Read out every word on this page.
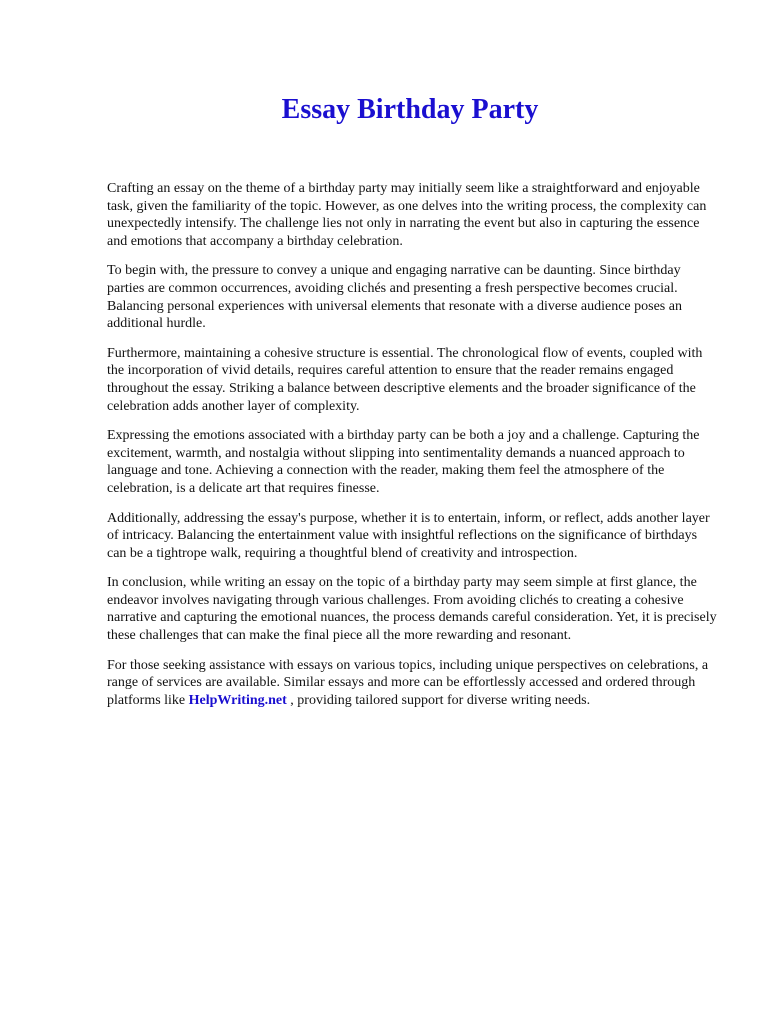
Essay Birthday Party

Crafting an essay on the theme of a birthday party may initially seem like a straightforward and enjoyable task, given the familiarity of the topic. However, as one delves into the writing process, the complexity can unexpectedly intensify. The challenge lies not only in narrating the event but also in capturing the essence and emotions that accompany a birthday celebration.

To begin with, the pressure to convey a unique and engaging narrative can be daunting. Since birthday parties are common occurrences, avoiding clichés and presenting a fresh perspective becomes crucial. Balancing personal experiences with universal elements that resonate with a diverse audience poses an additional hurdle.

Furthermore, maintaining a cohesive structure is essential. The chronological flow of events, coupled with the incorporation of vivid details, requires careful attention to ensure that the reader remains engaged throughout the essay. Striking a balance between descriptive elements and the broader significance of the celebration adds another layer of complexity.

Expressing the emotions associated with a birthday party can be both a joy and a challenge. Capturing the excitement, warmth, and nostalgia without slipping into sentimentality demands a nuanced approach to language and tone. Achieving a connection with the reader, making them feel the atmosphere of the celebration, is a delicate art that requires finesse.

Additionally, addressing the essay's purpose, whether it is to entertain, inform, or reflect, adds another layer of intricacy. Balancing the entertainment value with insightful reflections on the significance of birthdays can be a tightrope walk, requiring a thoughtful blend of creativity and introspection.

In conclusion, while writing an essay on the topic of a birthday party may seem simple at first glance, the endeavor involves navigating through various challenges. From avoiding clichés to creating a cohesive narrative and capturing the emotional nuances, the process demands careful consideration. Yet, it is precisely these challenges that can make the final piece all the more rewarding and resonant.

For those seeking assistance with essays on various topics, including unique perspectives on celebrations, a range of services are available. Similar essays and more can be effortlessly accessed and ordered through platforms like HelpWriting.net , providing tailored support for diverse writing needs.
